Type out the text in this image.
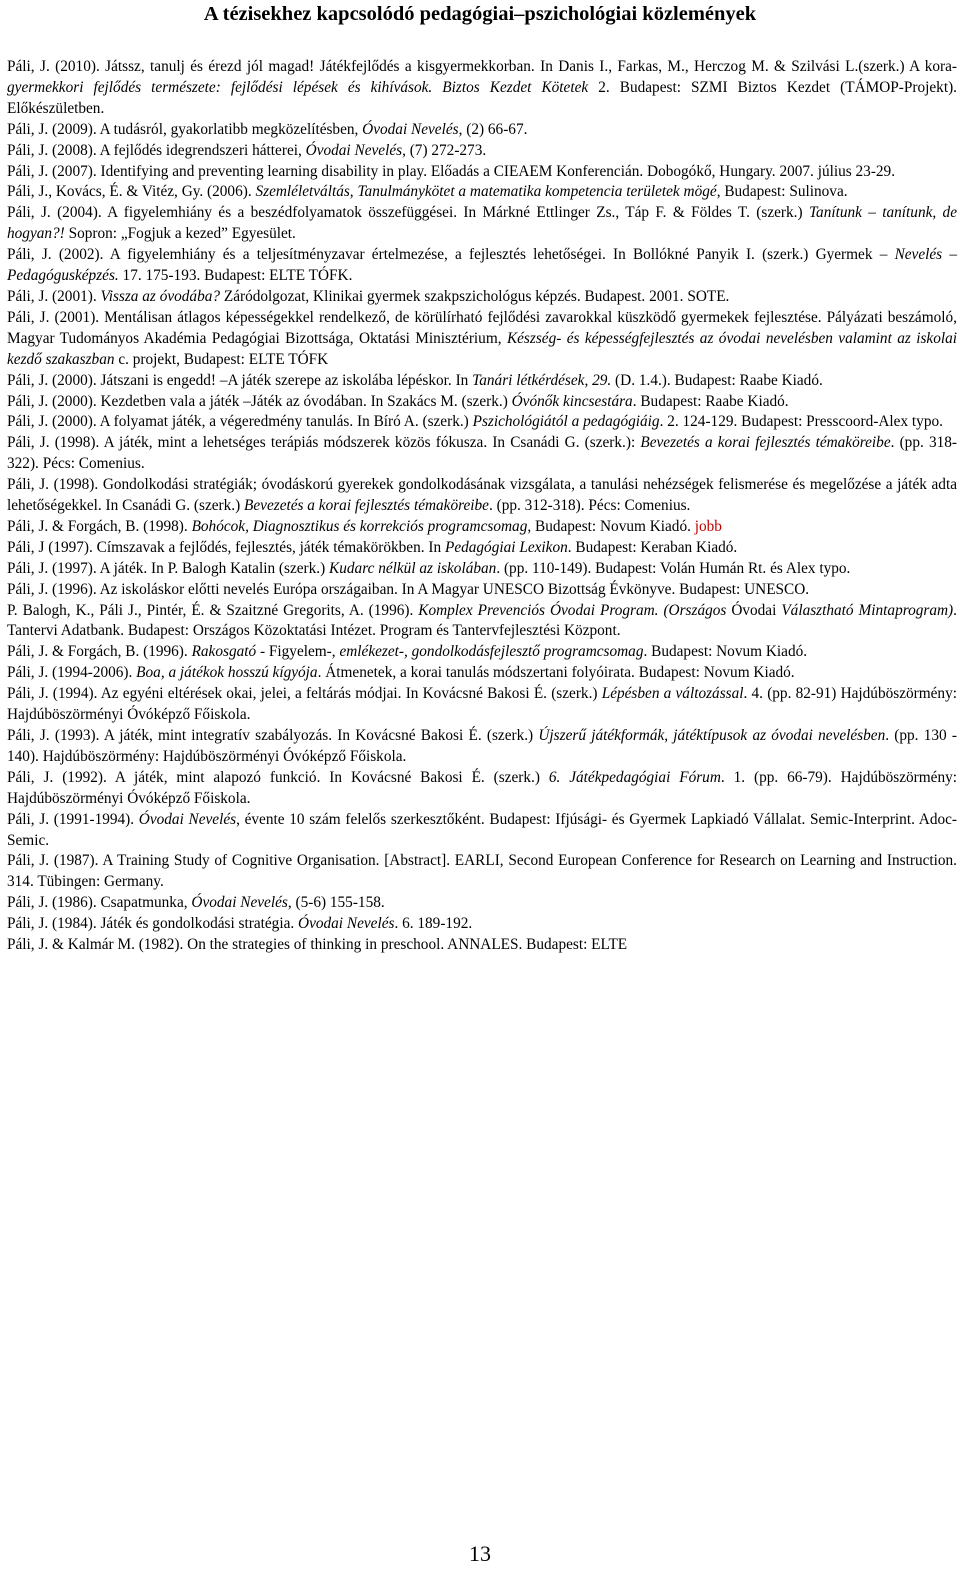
A tézisekhez kapcsolódó pedagógiai–pszichológiai közlemények

Páli, J. (2010). Játssz, tanulj és érezd jól magad! Játékfejlődés a kisgyermekkorban. In Danis I., Farkas, M., Herczog M. & Szilvási L.(szerk.) A kora-gyermekkori fejlődés természete: fejlődési lépések és kihívások. Biztos Kezdet Kötetek 2. Budapest: SZMI Biztos Kezdet (TÁMOP-Projekt). Előkészületben.

Páli, J. (2009). A tudásról, gyakorlatibb megközelítésben, Óvodai Nevelés, (2) 66-67.

Páli, J. (2008). A fejlődés idegrendszeri hátterei, Óvodai Nevelés, (7) 272-273.

Páli, J. (2007). Identifying and preventing learning disability in play. Előadás a CIEAEM Konferencián. Dobogókő, Hungary. 2007. július 23-29.

Páli, J., Kovács, É. & Vitéz, Gy. (2006). Szemléletváltás, Tanulmánykötet a matematika kompetencia területek mögé, Budapest: Sulinova.

Páli, J. (2004). A figyelemhiány és a beszédfolyamatok összefüggései. In Márkné Ettlinger Zs., Táp F. & Földes T. (szerk.) Tanítunk – tanítunk, de hogyan?! Sopron: „Fogjuk a kezed” Egyesület.

Páli, J. (2002). A figyelemhiány és a teljesítményzavar értelmezése, a fejlesztés lehetőségei. In Bollókné Panyik I. (szerk.) Gyermek – Nevelés – Pedagógusképzés. 17. 175-193. Budapest: ELTE TÓFK.

Páli, J. (2001). Vissza az óvodába? Záródolgozat, Klinikai gyermek szakpszichológus képzés. Budapest. 2001. SOTE.

Páli, J. (2001). Mentálisan átlagos képességekkel rendelkező, de körülírható fejlődési zavarokkal küszködő gyermekek fejlesztése. Pályázati beszámoló, Magyar Tudományos Akadémia Pedagógiai Bizottsága, Oktatási Minisztérium, Készség- és képességfejlesztés az óvodai nevelésben valamint az iskolai kezdő szakaszban c. projekt, Budapest: ELTE TÓFK

Páli, J. (2000). Játszani is engedd! –A játék szerepe az iskolába lépéskor. In Tanári létkérdések, 29. (D. 1.4.). Budapest: Raabe Kiadó.

Páli, J. (2000). Kezdetben vala a játék –Játék az óvodában. In Szakács M. (szerk.) Óvónők kincsestára. Budapest: Raabe Kiadó.

Páli, J. (2000). A folyamat játék, a végeredmény tanulás. In Bíró A. (szerk.) Pszichológiától a pedagógiáig. 2. 124-129. Budapest: Presscoord-Alex typo.

Páli, J. (1998). A játék, mint a lehetséges terápiás módszerek közös fókusza. In Csanádi G. (szerk.): Bevezetés a korai fejlesztés témaköreibe. (pp. 318-322). Pécs: Comenius.

Páli, J. (1998). Gondolkodási stratégiák; óvodáskorú gyerekek gondolkodásának vizsgálata, a tanulási nehézségek felismerése és megelőzése a játék adta lehetőségekkel. In Csanádi G. (szerk.) Bevezetés a korai fejlesztés témaköreibe. (pp. 312-318). Pécs: Comenius.

Páli, J. & Forgách, B. (1998). Bohócok, Diagnosztikus és korrekciós programcsomag, Budapest: Novum Kiadó. jobb

Páli, J (1997). Címszavak a fejlődés, fejlesztés, játék témakörökben. In Pedagógiai Lexikon. Budapest: Keraban Kiadó.

Páli, J. (1997). A játék. In P. Balogh Katalin (szerk.) Kudarc nélkül az iskolában. (pp. 110-149). Budapest: Volán Humán Rt. és Alex typo.

Páli, J. (1996). Az iskoláskor előtti nevelés Európa országaiban. In A Magyar UNESCO Bizottság Évkönyve. Budapest: UNESCO.

P. Balogh, K., Páli J., Pintér, É. & Szaitzné Gregorits, A. (1996). Komplex Prevenciós Óvodai Program. (Országos Óvodai Választható Mintaprogram). Tantervi Adatbank. Budapest: Országos Közoktatási Intézet. Program és Tantervfejlesztési Központ.

Páli, J. & Forgách, B. (1996). Rakosgató - Figyelem-, emlékezet-, gondolkodásfejlesztő programcsomag. Budapest: Novum Kiadó.

Páli, J. (1994-2006). Boa, a játékok hosszú kígyója. Átmenetek, a korai tanulás módszertani folyóirata. Budapest: Novum Kiadó.

Páli, J. (1994). Az egyéni eltérések okai, jelei, a feltárás módjai. In Kovácsné Bakosi É. (szerk.) Lépésben a változással. 4. (pp. 82-91) Hajdúböszörmény: Hajdúböszörményi Óvóképző Főiskola.

Páli, J. (1993). A játék, mint integratív szabályozás. In Kovácsné Bakosi É. (szerk.) Újszerű játékformák, játéktípusok az óvodai nevelésben. (pp. 130 - 140). Hajdúböszörmény: Hajdúböszörményi Óvóképző Főiskola.

Páli, J. (1992). A játék, mint alapozó funkció. In Kovácsné Bakosi É. (szerk.) 6. Játékpedagógiai Fórum. 1. (pp. 66-79). Hajdúböszörmény: Hajdúböszörményi Óvóképző Főiskola.

Páli, J. (1991-1994). Óvodai Nevelés, évente 10 szám felelős szerkesztőként. Budapest: Ifjúsági- és Gyermek Lapkiadó Vállalat. Semic-Interprint. Adoc-Semic.

Páli, J. (1987). A Training Study of Cognitive Organisation. [Abstract]. EARLI, Second European Conference for Research on Learning and Instruction. 314. Tübingen: Germany.

Páli, J. (1986). Csapatmunka, Óvodai Nevelés, (5-6) 155-158.

Páli, J. (1984). Játék és gondolkodási stratégia. Óvodai Nevelés. 6. 189-192.

Páli, J. & Kalmár M. (1982). On the strategies of thinking in preschool. ANNALES. Budapest: ELTE

13
